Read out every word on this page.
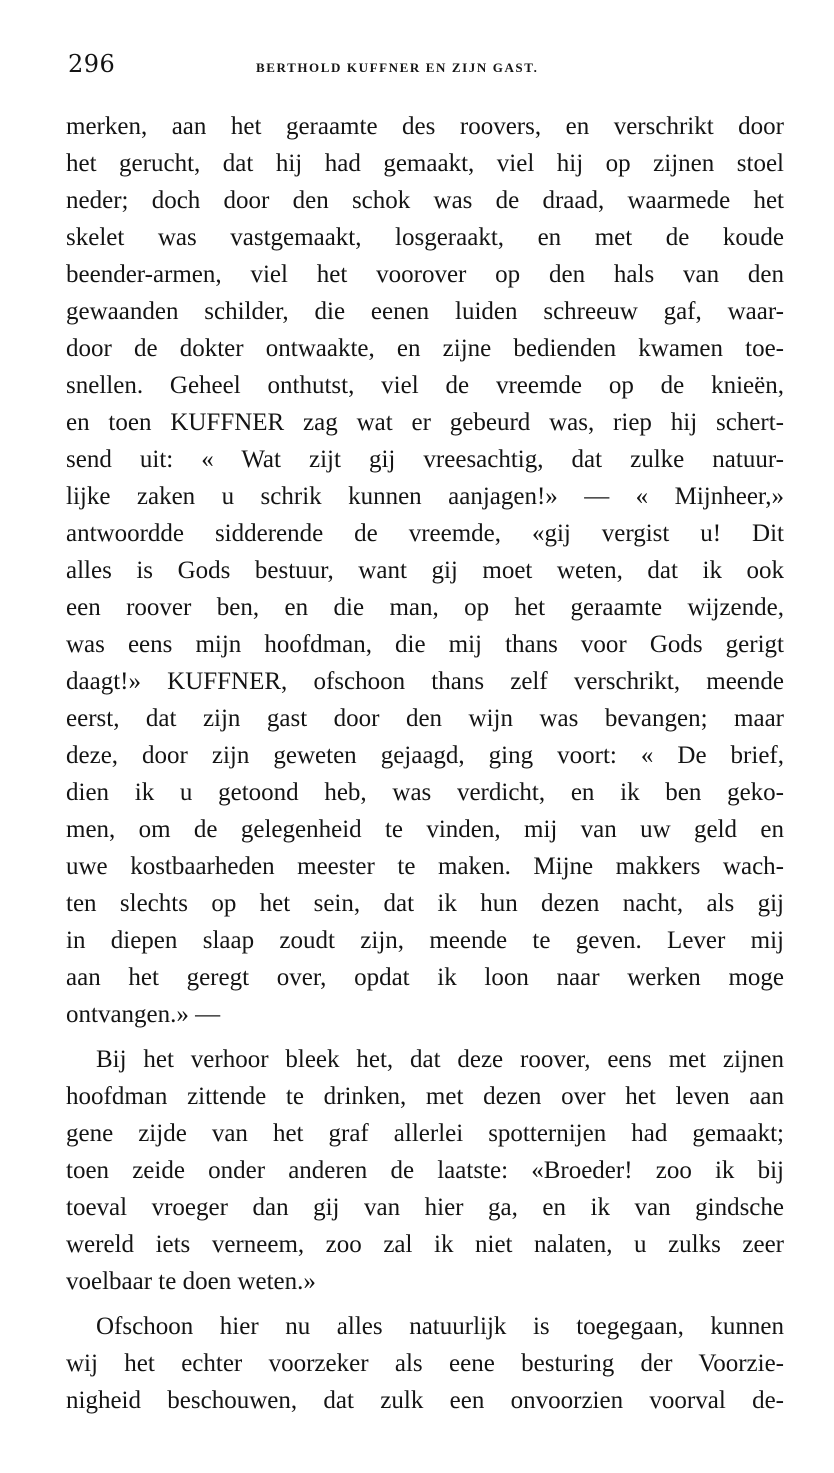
296	BERTHOLD KUFFNER EN ZIJN GAST.
merken, aan het geraamte des roovers, en verschrikt door
het gerucht, dat hij had gemaakt, viel hij op zijnen stoel
neder; doch door den schok was de draad, waarmede het
skelet was vastgemaakt, losgeraakt, en met de koude
beender-armen, viel het voorover op den hals van den
gewaanden schilder, die eenen luiden schreeuw gaf, waar-
door de dokter ontwaakte, en zijne bedienden kwamen toe-
snellen. Geheel onthutst, viel de vreemde op de knieën,
en toen KUFFNER zag wat er gebeurd was, riep hij schert-
send uit: « Wat zijt gij vreesachtig, dat zulke natuur-
lijke zaken u schrik kunnen aanjagen!» — « Mijnheer,»
antwoordde sidderende de vreemde, «gij vergist u! Dit
alles is Gods bestuur, want gij moet weten, dat ik ook
een roover ben, en die man, op het geraamte wijzende,
was eens mijn hoofdman, die mij thans voor Gods gerigt
daagt!» KUFFNER, ofschoon thans zelf verschrikt, meende
eerst, dat zijn gast door den wijn was bevangen; maar
deze, door zijn geweten gejaagd, ging voort: « De brief,
dien ik u getoond heb, was verdicht, en ik ben geko-
men, om de gelegenheid te vinden, mij van uw geld en
uwe kostbaarheden meester te maken. Mijne makkers wach-
ten slechts op het sein, dat ik hun dezen nacht, als gij
in diepen slaap zoudt zijn, meende te geven. Lever mij
aan het geregt over, opdat ik loon naar werken moge
ontvangen.» —
Bij het verhoor bleek het, dat deze roover, eens met zijnen
hoofdman zittende te drinken, met dezen over het leven aan
gene zijde van het graf allerlei spotternijen had gemaakt;
toen zeide onder anderen de laatste: «Broeder! zoo ik bij
toeval vroeger dan gij van hier ga, en ik van gindsche
wereld iets verneem, zoo zal ik niet nalaten, u zulks zeer
voelbaar te doen weten.»
Ofschoon hier nu alles natuurlijk is toegegaan, kunnen
wij het echter voorzeker als eene besturing der Voorzie-
nigheid beschouwen, dat zulk een onvoorzien voorval de-
